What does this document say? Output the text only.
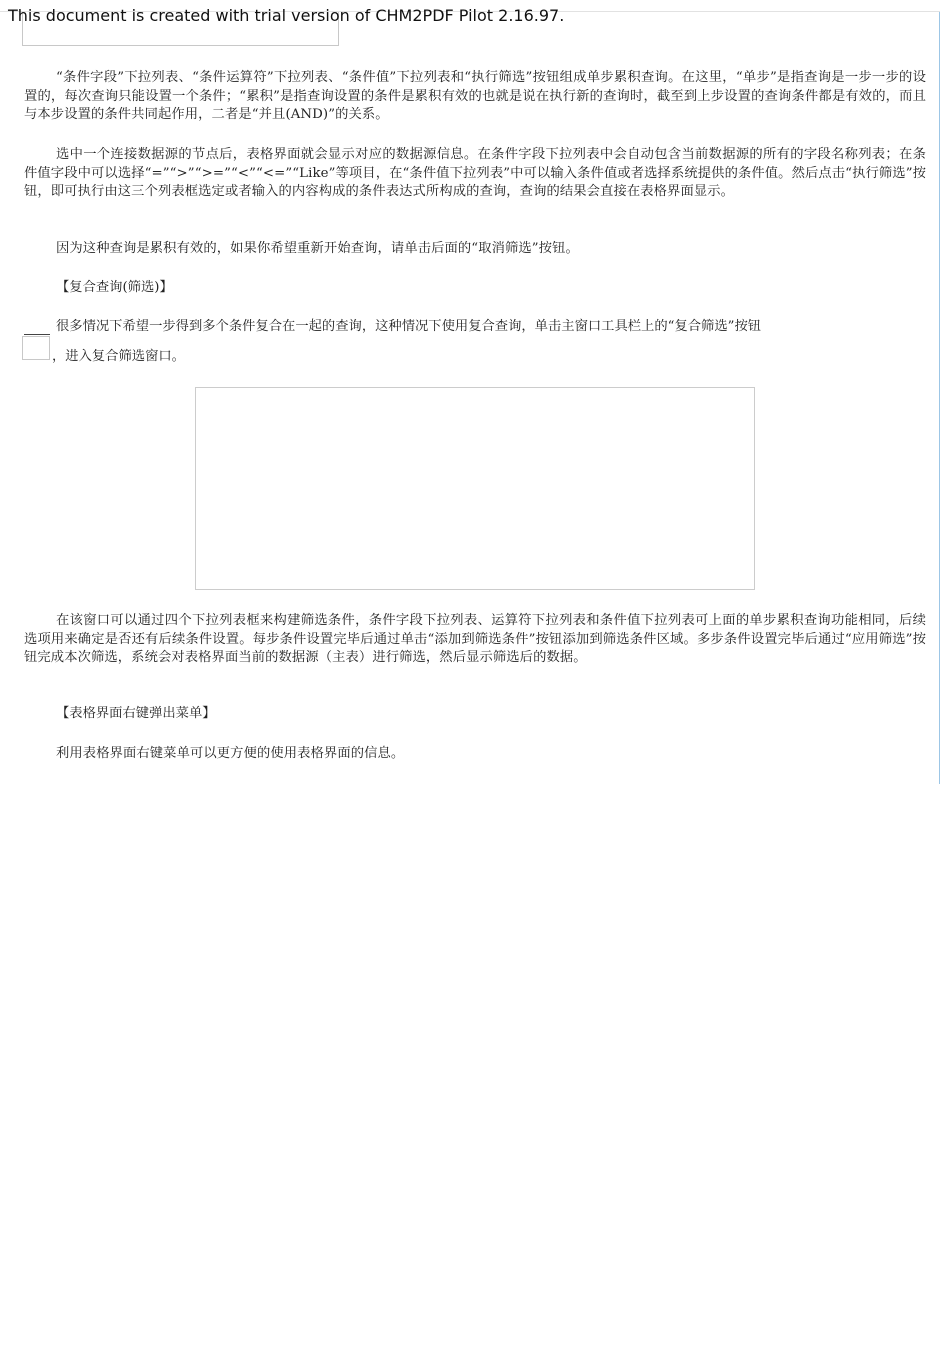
This document is created with trial version of CHM2PDF Pilot 2.16.97.

“条件字段”下拉列表、“条件运算符”下拉列表、“条件值”下拉列表和“执行筛选”按钮组成单步累积查询。在这里，“单步”是指查询是一步一步的设置的，每次查询只能设置一个条件；“累积”是指查询设置的条件是累积有效的也就是说在执行新的查询时，截至到上步设置的查询条件都是有效的，而且与本步设置的条件共同起作用，二者是“并且(AND)”的关系。

选中一个连接数据源的节点后，表格界面就会显示对应的数据源信息。在条件字段下拉列表中会自动包含当前数据源的所有的字段名称列表；在条件值字段中可以选择“=”“>”“>=”“<”“<=”“Like”等项目，在“条件值下拉列表”中可以输入条件值或者选择系统提供的条件值。然后点击“执行筛选”按钮，即可执行由这三个列表框选定或者输入的内容构成的条件表达式所构成的查询，查询的结果会直接在表格界面显示。

因为这种查询是累积有效的，如果你希望重新开始查询，请单击后面的“取消筛选”按钮。

【复合查询(筛选)】

很多情况下希望一步得到多个条件复合在一起的查询，这种情况下使用复合查询，单击主窗口工具栏上的“复合筛选”按钮
，进入复合筛选窗口。

在该窗口可以通过四个下拉列表框来构建筛选条件，条件字段下拉列表、运算符下拉列表和条件值下拉列表可上面的单步累积查询功能相同，后续选项用来确定是否还有后续条件设置。每步条件设置完毕后通过单击“添加到筛选条件”按钮添加到筛选条件区域。多步条件设置完毕后通过“应用筛选”按钮完成本次筛选，系统会对表格界面当前的数据源（主表）进行筛选，然后显示筛选后的数据。

【表格界面右键弹出菜单】

利用表格界面右键菜单可以更方便的使用表格界面的信息。
